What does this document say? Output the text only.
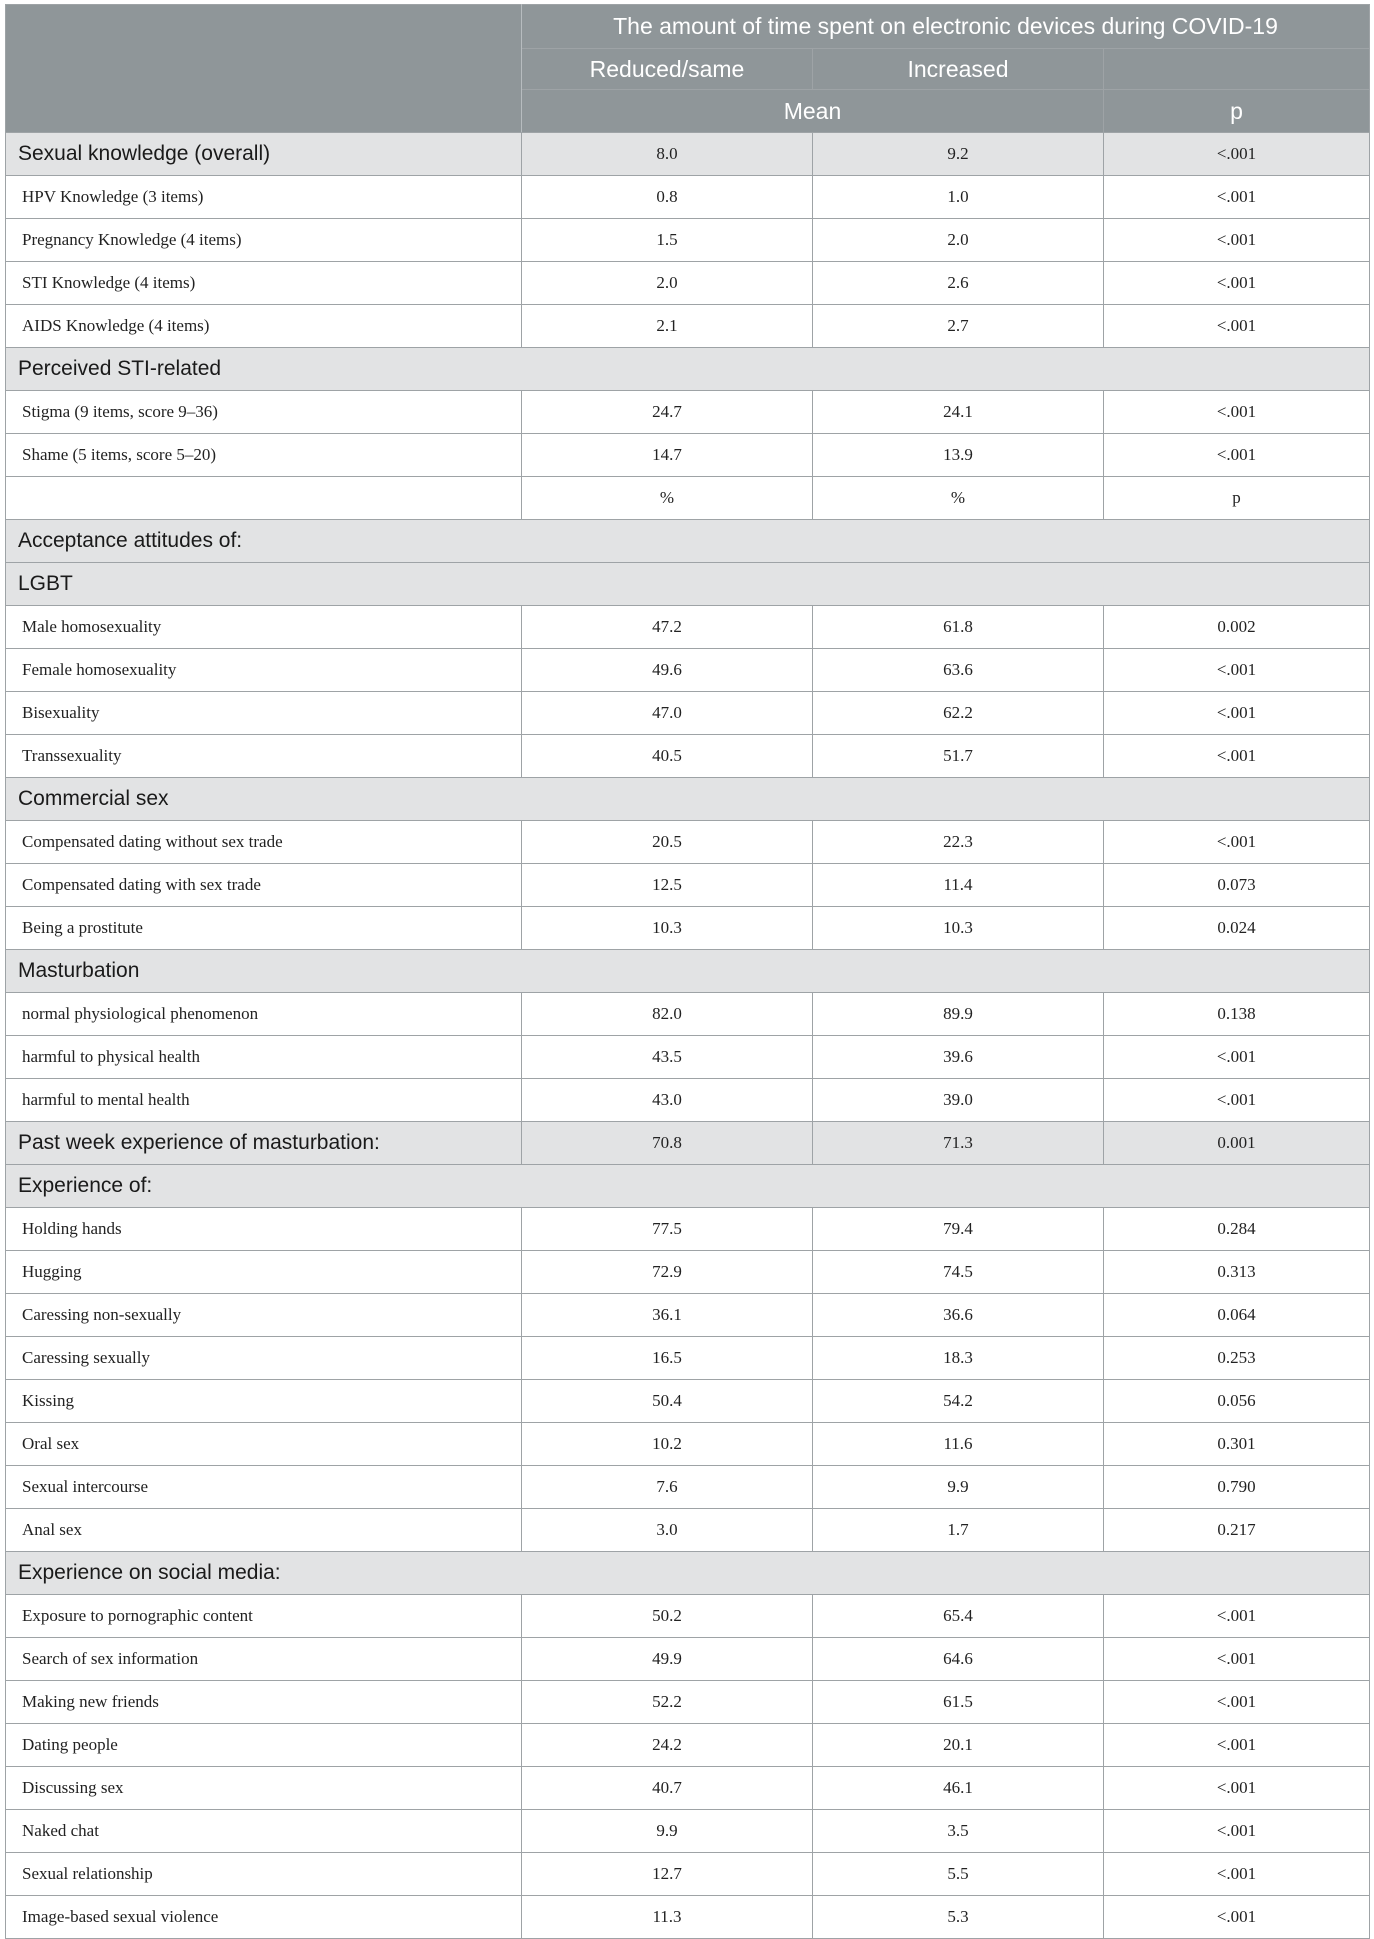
	The amount of time spent on electronic devices during COVID-19		
	Reduced/same	Increased	
	Mean		p
Sexual knowledge (overall)	8.0	9.2	<.001
HPV Knowledge (3 items)	0.8	1.0	<.001
Pregnancy Knowledge (4 items)	1.5	2.0	<.001
STI Knowledge (4 items)	2.0	2.6	<.001
AIDS Knowledge (4 items)	2.1	2.7	<.001
Perceived STI-related			
Stigma (9 items, score 9–36)	24.7	24.1	<.001
Shame (5 items, score 5–20)	14.7	13.9	<.001
	%	%	p
Acceptance attitudes of:			
LGBT			
Male homosexuality	47.2	61.8	0.002
Female homosexuality	49.6	63.6	<.001
Bisexuality	47.0	62.2	<.001
Transsexuality	40.5	51.7	<.001
Commercial sex			
Compensated dating without sex trade	20.5	22.3	<.001
Compensated dating with sex trade	12.5	11.4	0.073
Being a prostitute	10.3	10.3	0.024
Masturbation			
normal physiological phenomenon	82.0	89.9	0.138
harmful to physical health	43.5	39.6	<.001
harmful to mental health	43.0	39.0	<.001
Past week experience of masturbation:	70.8	71.3	0.001
Experience of:			
Holding hands	77.5	79.4	0.284
Hugging	72.9	74.5	0.313
Caressing non-sexually	36.1	36.6	0.064
Caressing sexually	16.5	18.3	0.253
Kissing	50.4	54.2	0.056
Oral sex	10.2	11.6	0.301
Sexual intercourse	7.6	9.9	0.790
Anal sex	3.0	1.7	0.217
Experience on social media:			
Exposure to pornographic content	50.2	65.4	<.001
Search of sex information	49.9	64.6	<.001
Making new friends	52.2	61.5	<.001
Dating people	24.2	20.1	<.001
Discussing sex	40.7	46.1	<.001
Naked chat	9.9	3.5	<.001
Sexual relationship	12.7	5.5	<.001
Image-based sexual violence	11.3	5.3	<.001
